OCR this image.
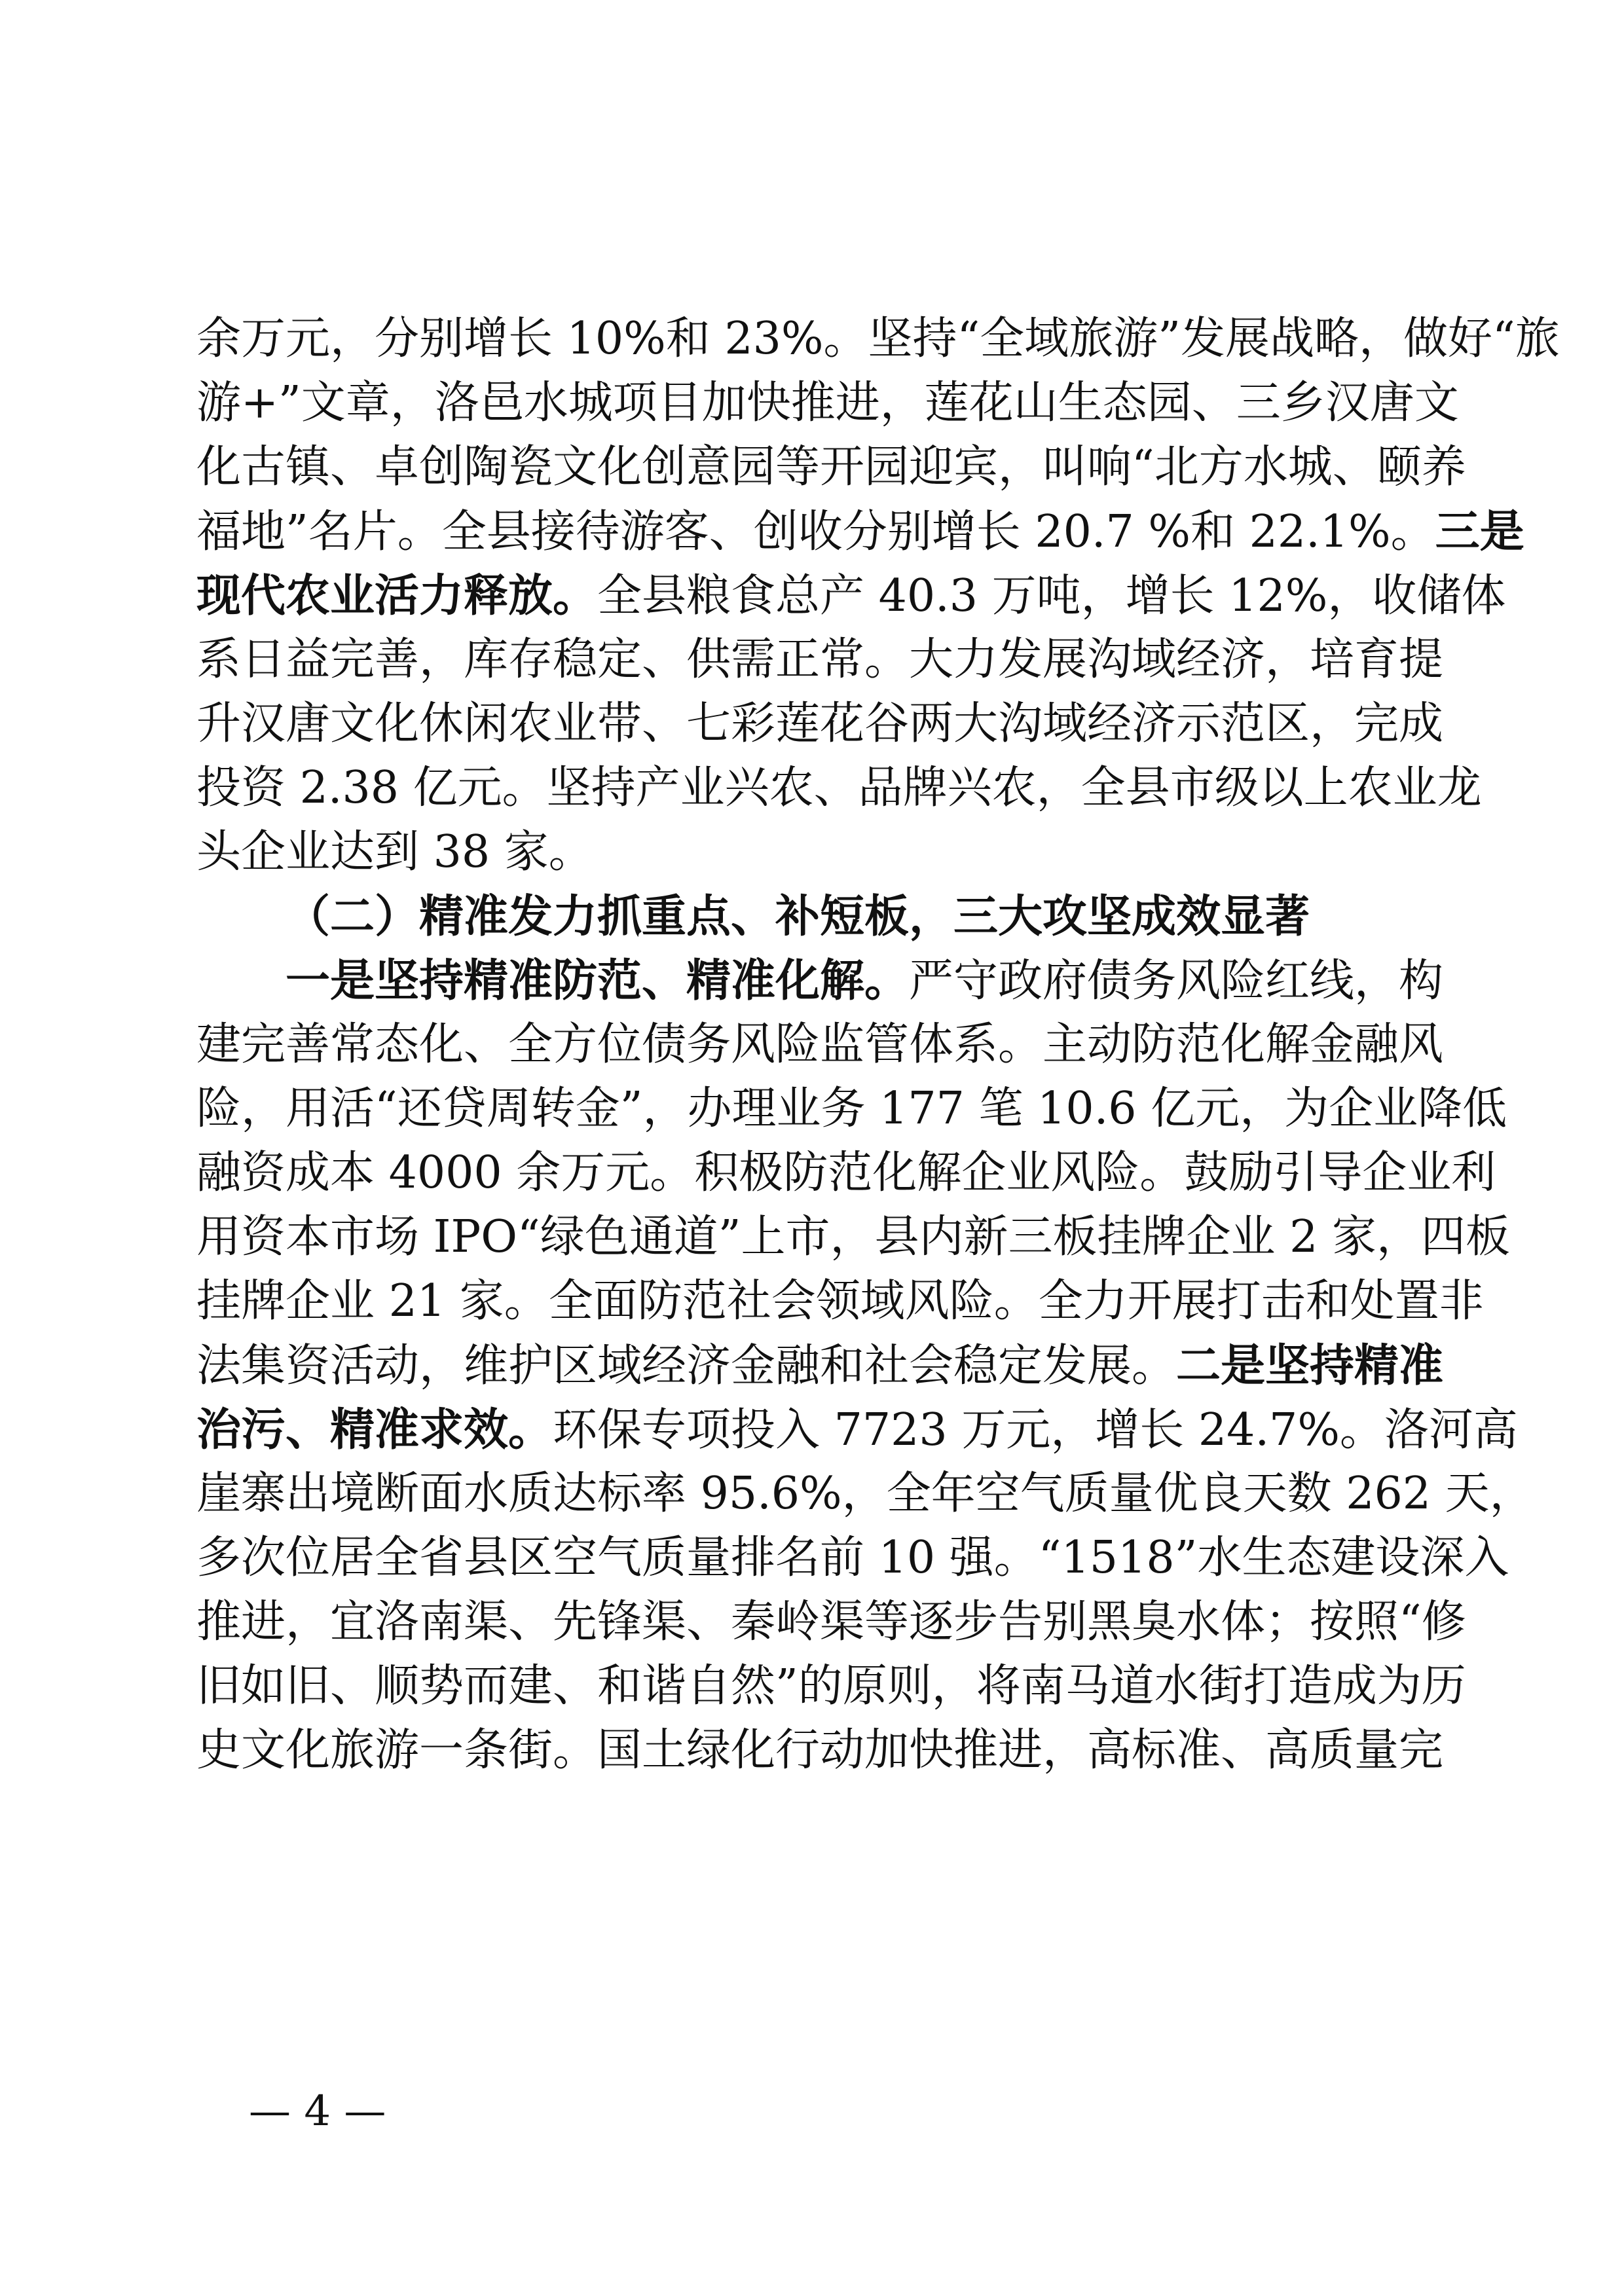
余万元，分别增长 10%和 23%。坚持“全域旅游”发展战略，做好“旅
游+”文章，洛邑水城项目加快推进，莲花山生态园、三乡汉唐文
化古镇、卓创陶瓷文化创意园等开园迎宾，叫响“北方水城、颐养
福地”名片。全县接待游客、创收分别增长 20.7 %和 22.1%。三是
现代农业活力释放。全县粮食总产 40.3 万吨，增长 12%，收储体
系日益完善，库存稳定、供需正常。大力发展沟域经济，培育提
升汉唐文化休闲农业带、七彩莲花谷两大沟域经济示范区，完成
投资 2.38 亿元。坚持产业兴农、品牌兴农，全县市级以上农业龙
头企业达到 38 家。
（二）精准发力抓重点、补短板，三大攻坚成效显著
一是坚持精准防范、精准化解。严守政府债务风险红线，构
建完善常态化、全方位债务风险监管体系。主动防范化解金融风
险，用活“还贷周转金”，办理业务 177 笔 10.6 亿元，为企业降低
融资成本 4000 余万元。积极防范化解企业风险。鼓励引导企业利
用资本市场 IPO“绿色通道”上市，县内新三板挂牌企业 2 家，四板
挂牌企业 21 家。全面防范社会领域风险。全力开展打击和处置非
法集资活动，维护区域经济金融和社会稳定发展。二是坚持精准
治污、精准求效。环保专项投入 7723 万元，增长 24.7%。洛河高
崖寨出境断面水质达标率 95.6%，全年空气质量优良天数 262 天，
多次位居全省县区空气质量排名前 10 强。“1518”水生态建设深入
推进，宜洛南渠、先锋渠、秦岭渠等逐步告别黑臭水体；按照“修
旧如旧、顺势而建、和谐自然”的原则，将南马道水街打造成为历
史文化旅游一条街。国土绿化行动加快推进，高标准、高质量完
— 4 —
